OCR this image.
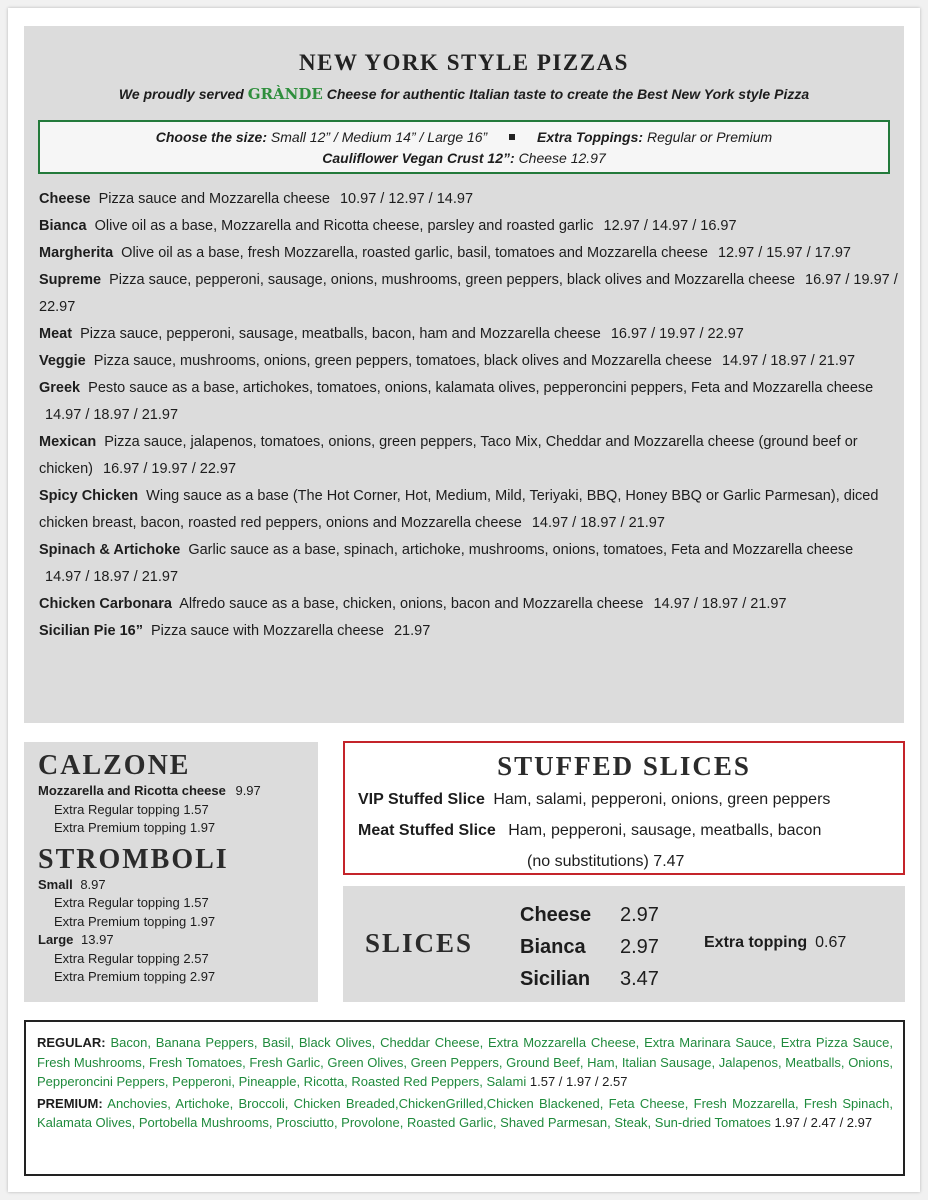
NEW YORK STYLE PIZZAS
We proudly served GRÀNDE Cheese for authentic Italian taste to create the Best New York style Pizza
Choose the size: Small 12” / Medium 14” / Large 16”	Extra Toppings: Regular or Premium
Cauliflower Vegan Crust 12”: Cheese 12.97
Cheese Pizza sauce and Mozzarella cheese 10.97 / 12.97 / 14.97
Bianca Olive oil as a base, Mozzarella and Ricotta cheese, parsley and roasted garlic 12.97 / 14.97 / 16.97
Margherita Olive oil as a base, fresh Mozzarella, roasted garlic, basil, tomatoes and Mozzarella cheese 12.97 / 15.97 / 17.97
Supreme Pizza sauce, pepperoni, sausage, onions, mushrooms, green peppers, black olives and Mozzarella cheese 16.97 / 19.97 / 22.97
Meat Pizza sauce, pepperoni, sausage, meatballs, bacon, ham and Mozzarella cheese 16.97 / 19.97 / 22.97
Veggie Pizza sauce, mushrooms, onions, green peppers, tomatoes, black olives and Mozzarella cheese 14.97 / 18.97 / 21.97
Greek Pesto sauce as a base, artichokes, tomatoes, onions, kalamata olives, pepperoncini peppers, Feta and Mozzarella cheese 14.97 / 18.97 / 21.97
Mexican Pizza sauce, jalapenos, tomatoes, onions, green peppers, Taco Mix, Cheddar and Mozzarella cheese (ground beef or chicken) 16.97 / 19.97 / 22.97
Spicy Chicken Wing sauce as a base (The Hot Corner, Hot, Medium, Mild, Teriyaki, BBQ, Honey BBQ or Garlic Parmesan), diced chicken breast, bacon, roasted red peppers, onions and Mozzarella cheese 14.97 / 18.97 / 21.97
Spinach & Artichoke Garlic sauce as a base, spinach, artichoke, mushrooms, onions, tomatoes, Feta and Mozzarella cheese 14.97 / 18.97 / 21.97
Chicken Carbonara Alfredo sauce as a base, chicken, onions, bacon and Mozzarella cheese 14.97 / 18.97 / 21.97
Sicilian Pie 16” Pizza sauce with Mozzarella cheese 21.97
CALZONE
Mozzarella and Ricotta cheese 9.97
Extra Regular topping 1.57
Extra Premium topping 1.97
STROMBOLI
Small 8.97
Extra Regular topping 1.57
Extra Premium topping 1.97
Large 13.97
Extra Regular topping 2.57
Extra Premium topping 2.97
STUFFED SLICES
VIP Stuffed Slice Ham, salami, pepperoni, onions, green peppers
Meat Stuffed Slice Ham, pepperoni, sausage, meatballs, bacon
(no substitutions) 7.47
SLICES
Cheese 2.97
Bianca 2.97
Sicilian 3.47
Extra topping 0.67
REGULAR: Bacon, Banana Peppers, Basil, Black Olives, Cheddar Cheese, Extra Mozzarella Cheese, Extra Marinara Sauce, Extra Pizza Sauce, Fresh Mushrooms, Fresh Tomatoes, Fresh Garlic, Green Olives, Green Peppers, Ground Beef, Ham, Italian Sausage, Jalapenos, Meatballs, Onions, Pepperoncini Peppers, Pepperoni, Pineapple, Ricotta, Roasted Red Peppers, Salami 1.57 / 1.97 / 2.57
PREMIUM: Anchovies, Artichoke, Broccoli, Chicken Breaded,ChickenGrilled,Chicken Blackened, Feta Cheese, Fresh Mozzarella, Fresh Spinach, Kalamata Olives, Portobella Mushrooms, Prosciutto, Provolone, Roasted Garlic, Shaved Parmesan, Steak, Sun-dried Tomatoes 1.97 / 2.47 / 2.97
